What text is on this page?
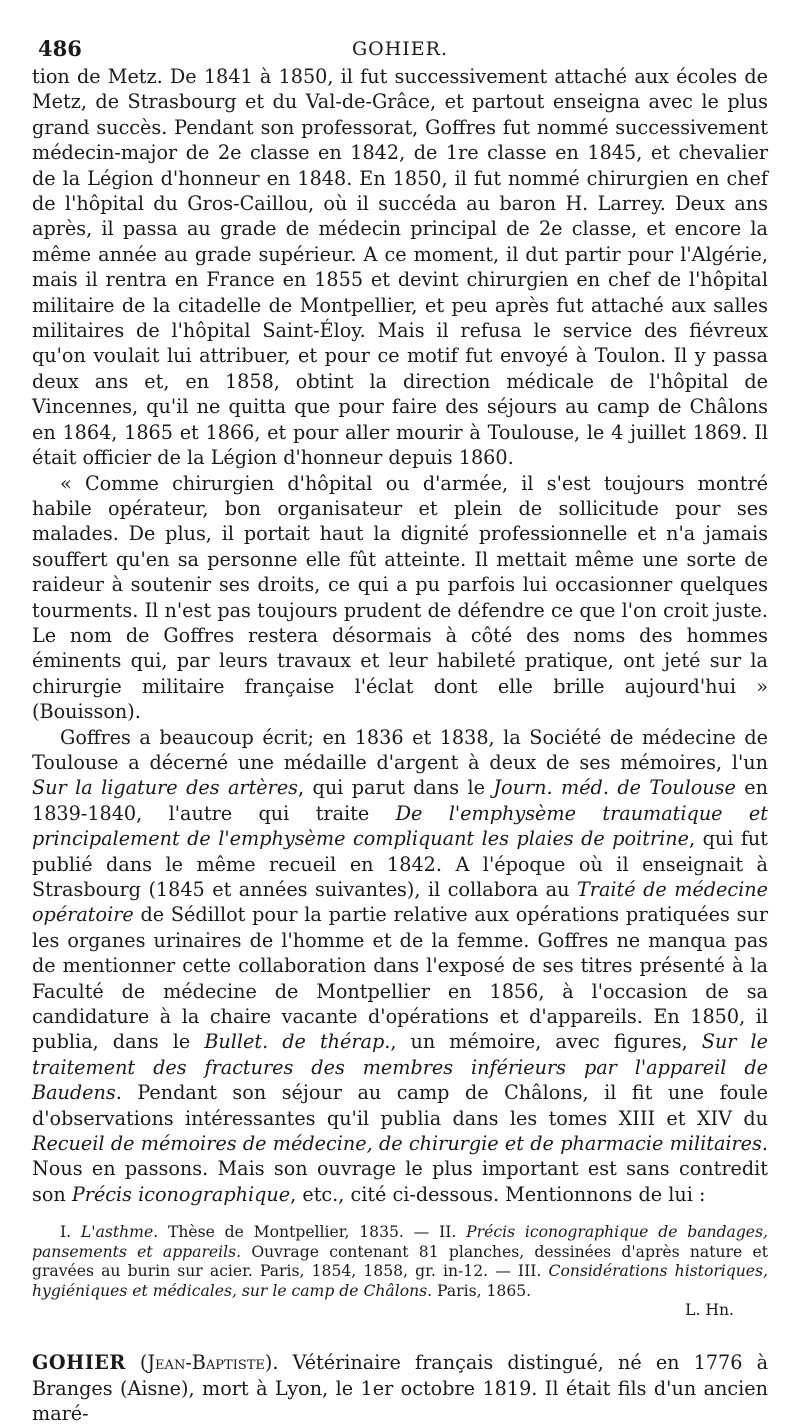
486	GOHIER.

tion de Metz. De 1841 à 1850, il fut successivement attaché aux écoles de Metz, de Strasbourg et du Val-de-Grâce, et partout enseigna avec le plus grand succès. Pendant son professorat, Goffres fut nommé successivement médecin-major de 2e classe en 1842, de 1re classe en 1845, et chevalier de la Légion d'honneur en 1848. En 1850, il fut nommé chirurgien en chef de l'hôpital du Gros-Caillou, où il succéda au baron H. Larrey. Deux ans après, il passa au grade de médecin principal de 2e classe, et encore la même année au grade supérieur. A ce moment, il dut partir pour l'Algérie, mais il rentra en France en 1855 et devint chirurgien en chef de l'hôpital militaire de la citadelle de Montpellier, et peu après fut attaché aux salles militaires de l'hôpital Saint-Éloy. Mais il refusa le service des fiévreux qu'on voulait lui attribuer, et pour ce motif fut envoyé à Toulon. Il y passa deux ans et, en 1858, obtint la direction médicale de l'hôpital de Vincennes, qu'il ne quitta que pour faire des séjours au camp de Châlons en 1864, 1865 et 1866, et pour aller mourir à Toulouse, le 4 juillet 1869. Il était officier de la Légion d'honneur depuis 1860.

« Comme chirurgien d'hôpital ou d'armée, il s'est toujours montré habile opérateur, bon organisateur et plein de sollicitude pour ses malades. De plus, il portait haut la dignité professionnelle et n'a jamais souffert qu'en sa personne elle fût atteinte. Il mettait même une sorte de raideur à soutenir ses droits, ce qui a pu parfois lui occasionner quelques tourments. Il n'est pas toujours prudent de défendre ce que l'on croit juste. Le nom de Goffres restera désormais à côté des noms des hommes éminents qui, par leurs travaux et leur habileté pratique, ont jeté sur la chirurgie militaire française l'éclat dont elle brille aujourd'hui » (Bouisson).

Goffres a beaucoup écrit; en 1836 et 1838, la Société de médecine de Toulouse a décerné une médaille d'argent à deux de ses mémoires, l'un Sur la ligature des artères, qui parut dans le Journ. méd. de Toulouse en 1839-1840, l'autre qui traite De l'emphysème traumatique et principalement de l'emphysème compliquant les plaies de poitrine, qui fut publié dans le même recueil en 1842. A l'époque où il enseignait à Strasbourg (1845 et années suivantes), il collabora au Traité de médecine opératoire de Sédillot pour la partie relative aux opérations pratiquées sur les organes urinaires de l'homme et de la femme. Goffres ne manqua pas de mentionner cette collaboration dans l'exposé de ses titres présenté à la Faculté de médecine de Montpellier en 1856, à l'occasion de sa candidature à la chaire vacante d'opérations et d'appareils. En 1850, il publia, dans le Bullet. de thérap., un mémoire, avec figures, Sur le traitement des fractures des membres inférieurs par l'appareil de Baudens. Pendant son séjour au camp de Châlons, il fit une foule d'observations intéressantes qu'il publia dans les tomes XIII et XIV du Recueil de mémoires de médecine, de chirurgie et de pharmacie militaires. Nous en passons. Mais son ouvrage le plus important est sans contredit son Précis iconographique, etc., cité ci-dessous. Mentionnons de lui :

I. L'asthme. Thèse de Montpellier, 1835. — II. Précis iconographique de bandages, pansements et appareils. Ouvrage contenant 81 planches, dessinées d'après nature et gravées au burin sur acier. Paris, 1854, 1858, gr. in-12. — III. Considérations historiques, hygiéniques et médicales, sur le camp de Châlons. Paris, 1865.
L. Hn.

GOHIER (Jean-Baptiste). Vétérinaire français distingué, né en 1776 à Branges (Aisne), mort à Lyon, le 1er octobre 1819. Il était fils d'un ancien maré-
